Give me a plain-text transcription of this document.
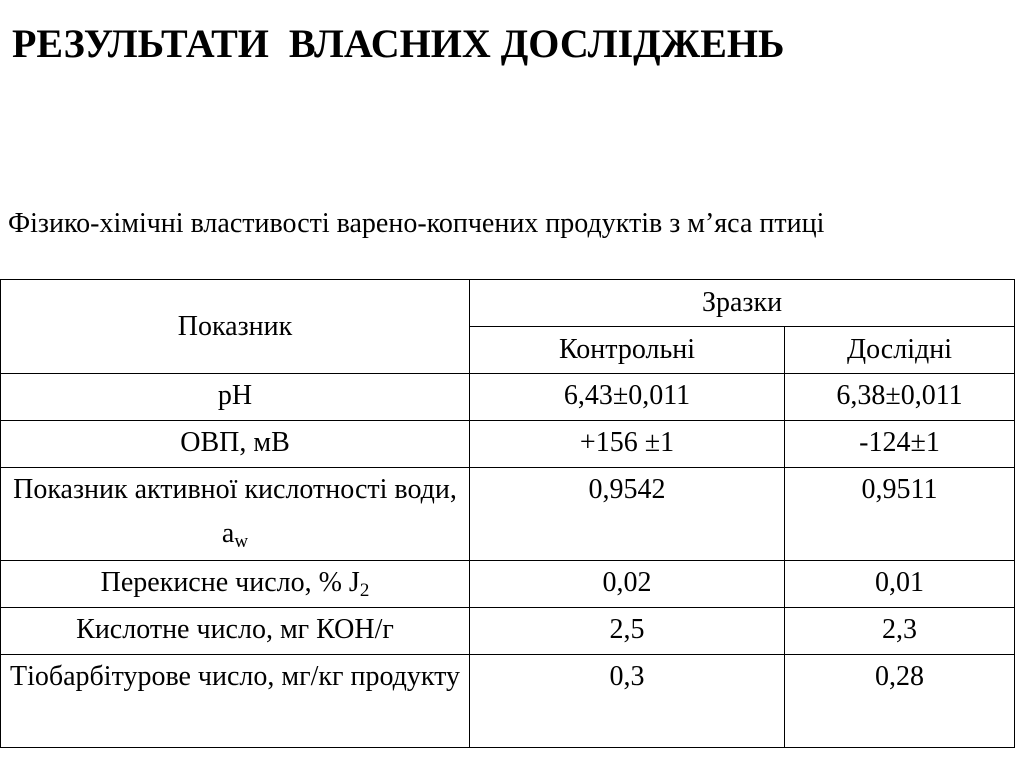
РЕЗУЛЬТАТИ  ВЛАСНИХ ДОСЛІДЖЕНЬ

Фізико-хімічні властивості варено-копчених продуктів з м’яса птиці

Показник	Зразки	
	Контрольні	Дослідні
pH	6,43±0,011	6,38±0,011
ОВП, мВ	+156 ±1	-124±1
Показник активної кислотності води, $a_w$	0,9542	0,9511
Перекисне число, % $J_2$	0,02	0,01
Кислотне число, мг КОН/г	2,5	2,3
Тіобарбітурове число, мг/кг продукту	0,3	0,28
